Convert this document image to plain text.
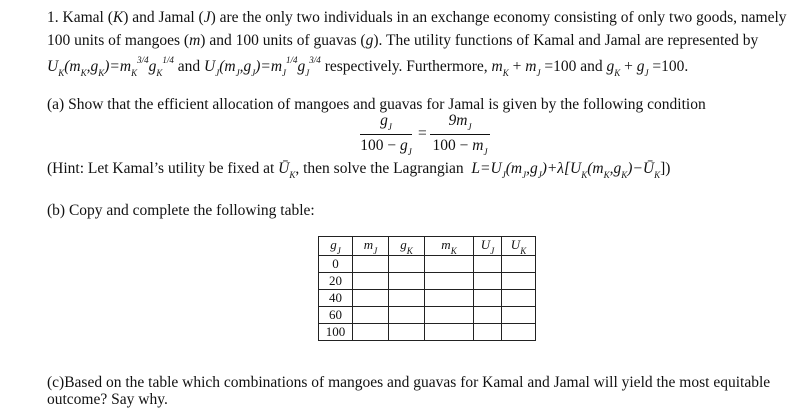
1. Kamal (K) and Jamal (J) are the only two individuals in an exchange economy consisting of only two goods, namely
100 units of mangoes (m) and 100 units of guavas (g). The utility functions of Kamal and Jamal are represented by
$U_K(m_K,g_K)=m_K^{3/4}g_K^{1/4}$ and $U_J(m_J,g_J)=m_J^{1/4}g_J^{3/4}$ respectively. Furthermore, $m_K + m_J =100$ and $g_K + g_J =100$.
(a) Show that the efficient allocation of mangoes and guavas for Jamal is given by the following condition
$g_J$
$100 - g_J$
=
$9m_J$
$100 - m_J$
(Hint: Let Kamal’s utility be fixed at $Ū_K$, then solve the Lagrangian  $L=U_J(m_J,g_J)+\lambda[U_K(m_K,g_K)-Ū_K]$)
(b) Copy and complete the following table:
$g_J$	$m_J$	$g_K$	$m_K$	$U_J$	$U_K$
0					
20					
40					
60					
100					
(c)Based on the table which combinations of mangoes and guavas for Kamal and Jamal will yield the most equitable
outcome? Say why.
